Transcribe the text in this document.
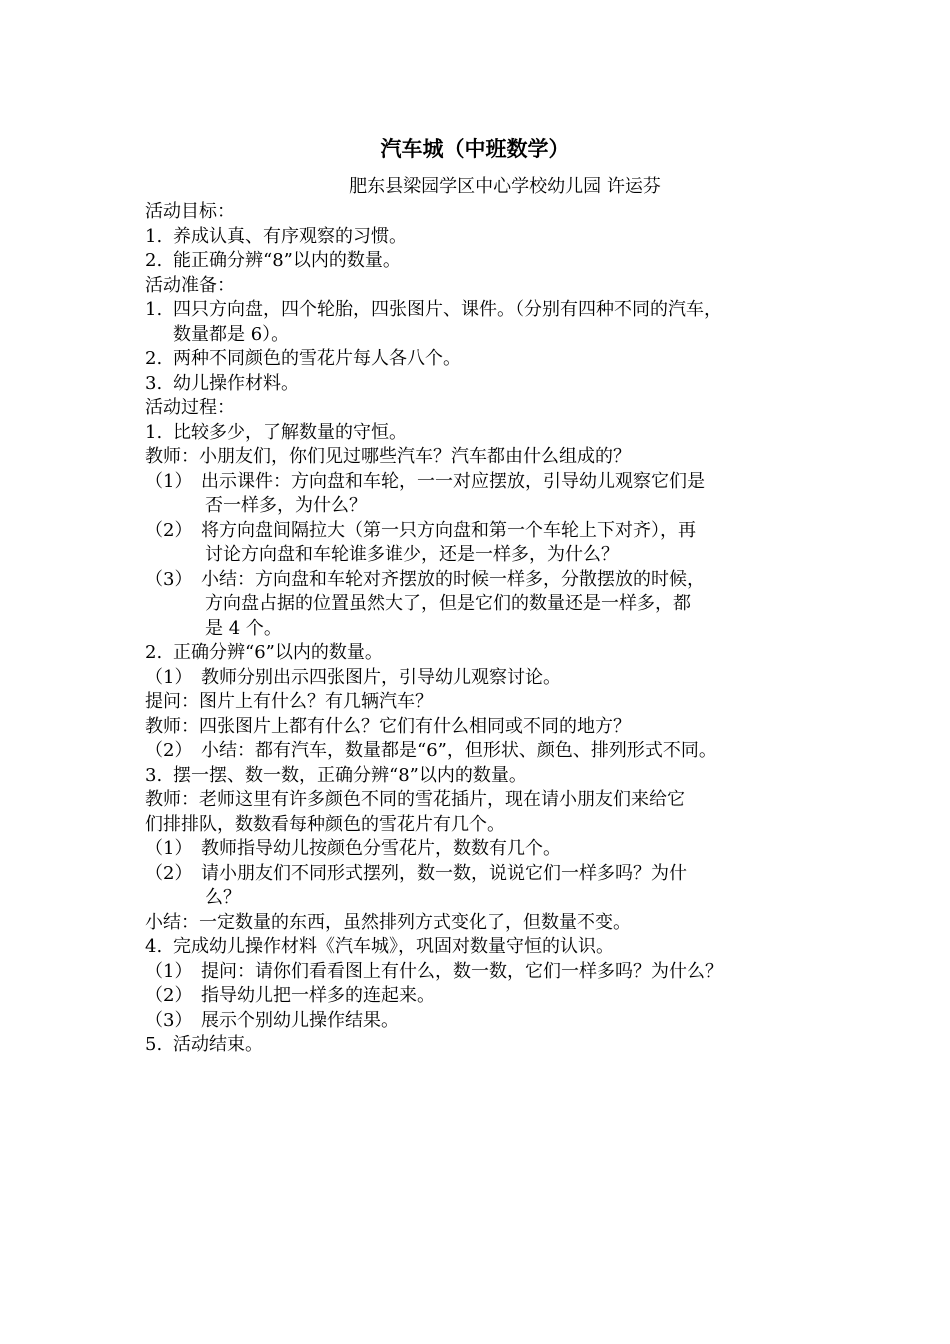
汽车城（中班数学）
肥东县梁园学区中心学校幼儿园 许运芬
活动目标：
1. 养成认真、有序观察的习惯。
2. 能正确分辨“8”以内的数量。
活动准备：
1. 四只方向盘，四个轮胎，四张图片、课件。（分别有四种不同的汽车，
数量都是 6）。
2. 两种不同颜色的雪花片每人各八个。
3. 幼儿操作材料。
活动过程：
1. 比较多少，了解数量的守恒。
教师：小朋友们，你们见过哪些汽车？汽车都由什么组成的？
（1） 出示课件：方向盘和车轮，一一对应摆放，引导幼儿观察它们是
否一样多，为什么？
（2） 将方向盘间隔拉大（第一只方向盘和第一个车轮上下对齐），再
讨论方向盘和车轮谁多谁少，还是一样多，为什么？
（3） 小结：方向盘和车轮对齐摆放的时候一样多，分散摆放的时候，
方向盘占据的位置虽然大了，但是它们的数量还是一样多，都
是 4 个。
2. 正确分辨“6”以内的数量。
（1） 教师分别出示四张图片，引导幼儿观察讨论。
提问：图片上有什么？有几辆汽车？
教师：四张图片上都有什么？它们有什么相同或不同的地方？
（2） 小结：都有汽车，数量都是“6”，但形状、颜色、排列形式不同。
3. 摆一摆、数一数，正确分辨“8”以内的数量。
教师：老师这里有许多颜色不同的雪花插片，现在请小朋友们来给它
们排排队，数数看每种颜色的雪花片有几个。
（1） 教师指导幼儿按颜色分雪花片，数数有几个。
（2） 请小朋友们不同形式摆列，数一数，说说它们一样多吗？为什
么？
小结：一定数量的东西，虽然排列方式变化了，但数量不变。
4. 完成幼儿操作材料《汽车城》，巩固对数量守恒的认识。
（1） 提问：请你们看看图上有什么，数一数，它们一样多吗？为什么？
（2） 指导幼儿把一样多的连起来。
（3） 展示个别幼儿操作结果。
5. 活动结束。
